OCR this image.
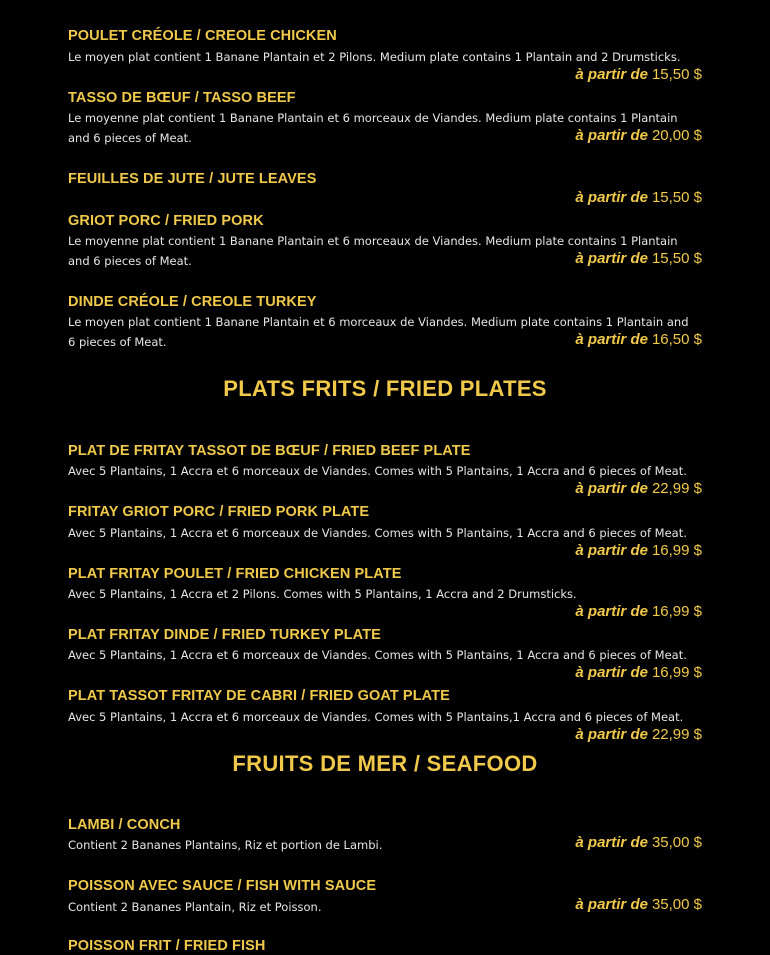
POULET CRÉOLE / CREOLE CHICKEN
Le moyen plat contient 1 Banane Plantain et 2 Pilons. Medium plate contains 1 Plantain and 2 Drumsticks.
à partir de 15,50 $
TASSO DE BŒUF / TASSO BEEF
Le moyenne plat contient 1 Banane Plantain et 6 morceaux de Viandes. Medium plate contains 1 Plantain and 6 pieces of Meat.	à partir de 20,00 $
FEUILLES DE JUTE / JUTE LEAVES
à partir de 15,50 $
GRIOT PORC / FRIED PORK
Le moyenne plat contient 1 Banane Plantain et 6 morceaux de Viandes. Medium plate contains 1 Plantain and 6 pieces of Meat.	à partir de 15,50 $
DINDE CRÉOLE / CREOLE TURKEY
Le moyen plat contient 1 Banane Plantain et 6 morceaux de Viandes. Medium plate contains 1 Plantain and 6 pieces of Meat.	à partir de 16,50 $
PLATS FRITS / FRIED PLATES
PLAT DE FRITAY TASSOT DE BŒUF / FRIED BEEF PLATE
Avec 5 Plantains, 1 Accra et 6 morceaux de Viandes. Comes with 5 Plantains, 1 Accra and 6 pieces of Meat.
à partir de 22,99 $
FRITAY GRIOT PORC / FRIED PORK PLATE
Avec 5 Plantains, 1 Accra et 6 morceaux de Viandes. Comes with 5 Plantains, 1 Accra and 6 pieces of Meat.
à partir de 16,99 $
PLAT FRITAY POULET / FRIED CHICKEN PLATE
Avec 5 Plantains, 1 Accra et 2 Pilons. Comes with 5 Plantains, 1 Accra and 2 Drumsticks.
à partir de 16,99 $
PLAT FRITAY DINDE / FRIED TURKEY PLATE
Avec 5 Plantains, 1 Accra et 6 morceaux de Viandes. Comes with 5 Plantains, 1 Accra and 6 pieces of Meat.
à partir de 16,99 $
PLAT TASSOT FRITAY DE CABRI / FRIED GOAT PLATE
Avec 5 Plantains, 1 Accra et 6 morceaux de Viandes. Comes with 5 Plantains,1 Accra and 6 pieces of Meat.
à partir de 22,99 $
FRUITS DE MER / SEAFOOD
LAMBI / CONCH
Contient 2 Bananes Plantains, Riz et portion de Lambi.	à partir de 35,00 $
POISSON AVEC SAUCE / FISH WITH SAUCE
Contient 2 Bananes Plantain, Riz et Poisson.	à partir de 35,00 $
POISSON FRIT / FRIED FISH
